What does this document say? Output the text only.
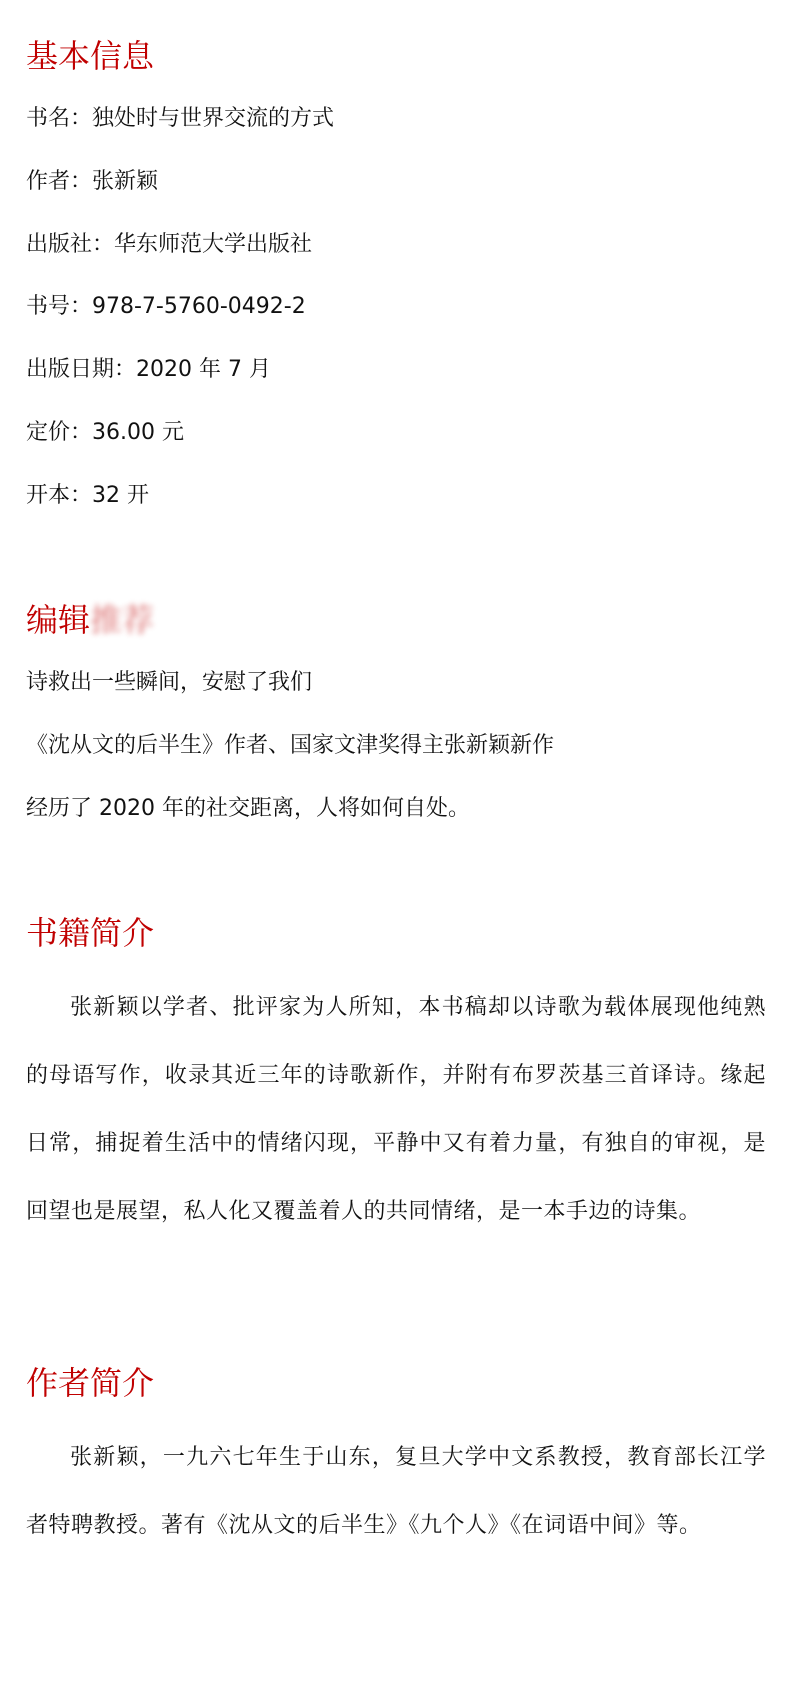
基本信息
书名：独处时与世界交流的方式
作者：张新颖
出版社：华东师范大学出版社
书号：978-7-5760-0492-2
出版日期：2020 年 7 月
定价：36.00 元
开本：32 开
编辑推荐
诗救出一些瞬间，安慰了我们
《沈从文的后半生》作者、国家文津奖得主张新颖新作
经历了 2020 年的社交距离，人将如何自处。
书籍简介
张新颖以学者、批评家为人所知，本书稿却以诗歌为载体展现他纯熟的母语写作，收录其近三年的诗歌新作，并附有布罗茨基三首译诗。缘起日常，捕捉着生活中的情绪闪现，平静中又有着力量，有独自的审视，是回望也是展望，私人化又覆盖着人的共同情绪，是一本手边的诗集。
作者简介
张新颖，一九六七年生于山东，复旦大学中文系教授，教育部长江学者特聘教授。著有《沈从文的后半生》《九个人》《在词语中间》等。
